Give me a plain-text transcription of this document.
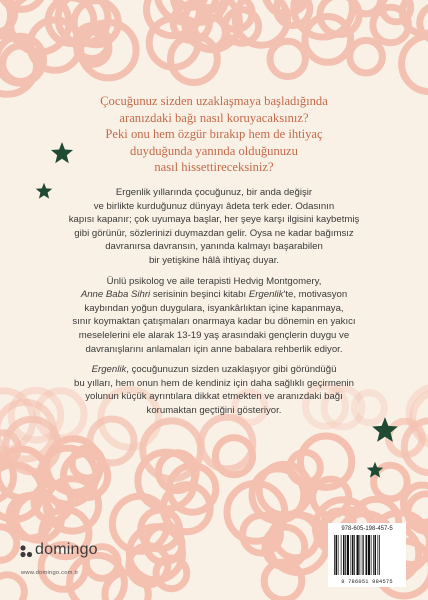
Çocuğunuz sizden uzaklaşmaya başladığında
aranızdaki bağı nasıl koruyacaksınız?
Peki onu hem özgür bırakıp hem de ihtiyaç
duyduğunda yanında olduğunuzu
nasıl hissettireceksiniz?

Ergenlik yıllarında çocuğunuz, bir anda değişir
ve birlikte kurduğunuz dünyayı âdeta terk eder. Odasının
kapısı kapanır; çok uyumaya başlar, her şeye karşı ilgisini kaybetmiş
gibi görünür, sözlerinizi duymazdan gelir. Oysa ne kadar bağımsız
davranırsa davransın, yanında kalmayı başarabilen
bir yetişkine hâlâ ihtiyaç duyar.

Ünlü psikolog ve aile terapisti Hedvig Montgomery,
Anne Baba Sihri serisinin beşinci kitabı Ergenlik'te, motivasyon
kaybından yoğun duygulara, isyankârlıktan içine kapanmaya,
sınır koymaktan çatışmaları onarmaya kadar bu dönemin en yakıcı
meselelerini ele alarak 13-19 yaş arasındaki gençlerin duygu ve
davranışlarını anlamaları için anne babalara rehberlik ediyor.

Ergenlik, çocuğunuzun sizden uzaklaşıyor gibi göründüğü
bu yılları, hem onun hem de kendiniz için daha sağlıklı geçirmenin
yolunun küçük ayrıntılara dikkat etmekten ve aranızdaki bağı
korumaktan geçtiğini gösteriyor.

domingo
www.domingo.com.tr
978-605-198-457-5
9 786051 984575
